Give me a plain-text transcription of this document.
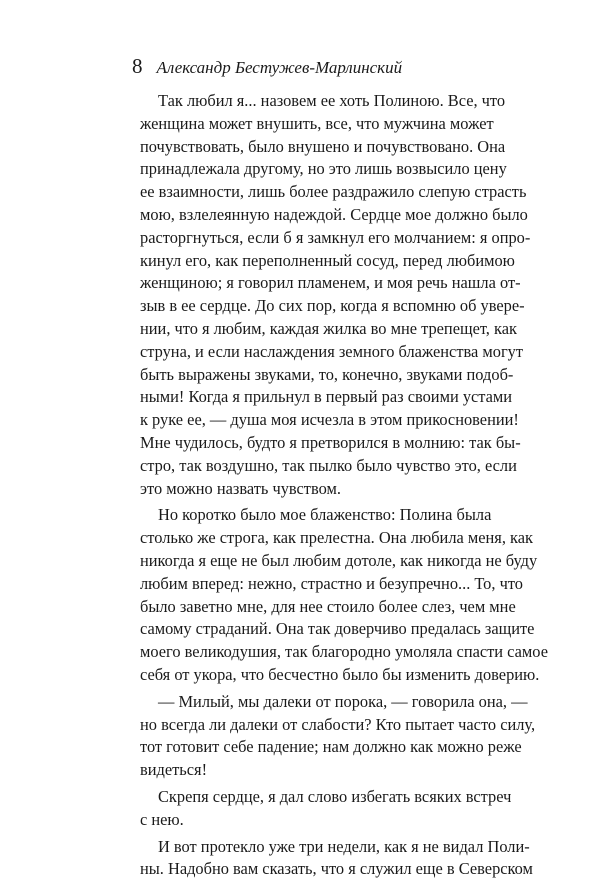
8 Александр Бестужев-Марлинский
Так любил я... назовем ее хоть Полиною. Все, что
женщина может внушить, все, что мужчина может
почувствовать, было внушено и почувствовано. Она
принадлежала другому, но это лишь возвысило цену
ее взаимности, лишь более раздражило слепую страсть
мою, взлелеянную надеждой. Сердце мое должно было
расторгнуться, если б я замкнул его молчанием: я опро-
кинул его, как переполненный сосуд, перед любимою
женщиною; я говорил пламенем, и моя речь нашла от-
зыв в ее сердце. До сих пор, когда я вспомню об увере-
нии, что я любим, каждая жилка во мне трепещет, как
струна, и если наслаждения земного блаженства могут
быть выражены звуками, то, конечно, звуками подоб-
ными! Когда я прильнул в первый раз своими устами
к руке ее, — душа моя исчезла в этом прикосновении!
Мне чудилось, будто я претворился в молнию: так бы-
стро, так воздушно, так пылко было чувство это, если
это можно назвать чувством.
Но коротко было мое блаженство: Полина была
столько же строга, как прелестна. Она любила меня, как
никогда я еще не был любим дотоле, как никогда не буду
любим вперед: нежно, страстно и безупречно... То, что
было заветно мне, для нее стоило более слез, чем мне
самому страданий. Она так доверчиво предалась защите
моего великодушия, так благородно умоляла спасти самое
себя от укора, что бесчестно было бы изменить доверию.
— Милый, мы далеки от порока, — говорила она, —
но всегда ли далеки от слабости? Кто пытает часто силу,
тот готовит себе падение; нам должно как можно реже
видеться!
Скрепя сердце, я дал слово избегать всяких встреч
с нею.
И вот протекло уже три недели, как я не видал Поли-
ны. Надобно вам сказать, что я служил еще в Северском
